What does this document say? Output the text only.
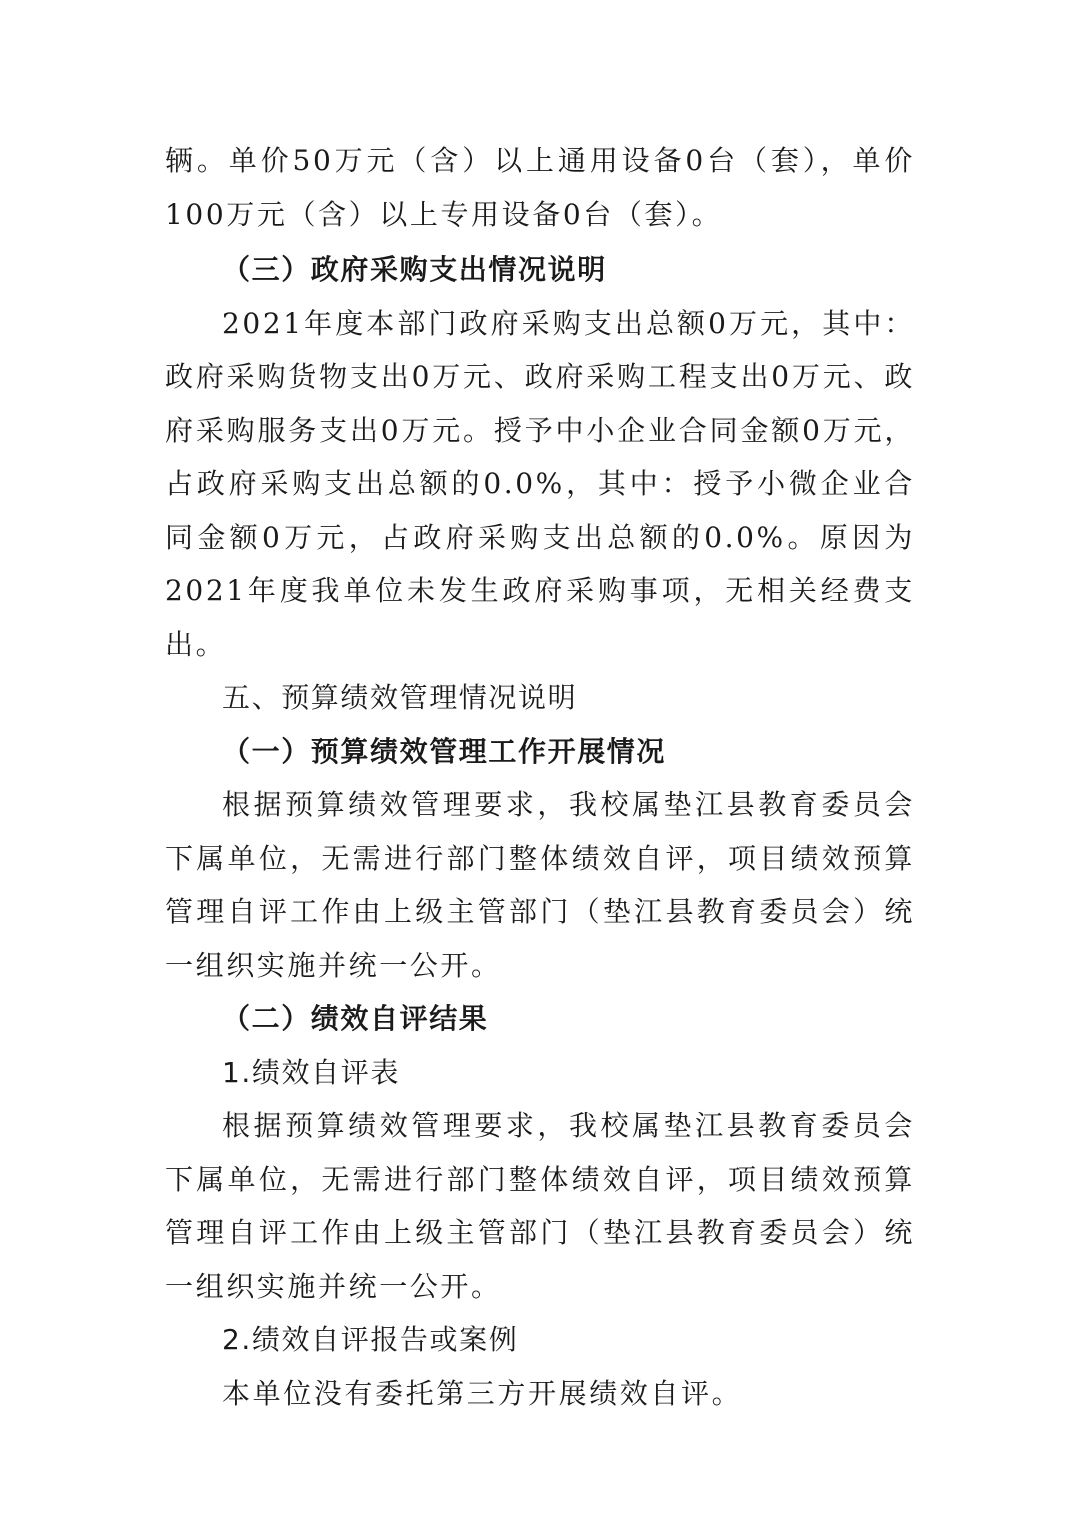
辆。单价50万元（含）以上通用设备0台（套），单价100万元（含）以上专用设备0台（套）。

（三）政府采购支出情况说明

2021年度本部门政府采购支出总额0万元，其中：政府采购货物支出0万元、政府采购工程支出0万元、政府采购服务支出0万元。授予中小企业合同金额0万元，占政府采购支出总额的0.0%，其中：授予小微企业合同金额0万元，占政府采购支出总额的0.0%。原因为2021年度我单位未发生政府采购事项，无相关经费支出。

五、预算绩效管理情况说明

（一）预算绩效管理工作开展情况

根据预算绩效管理要求，我校属垫江县教育委员会下属单位，无需进行部门整体绩效自评，项目绩效预算管理自评工作由上级主管部门（垫江县教育委员会）统一组织实施并统一公开。

（二）绩效自评结果

1.绩效自评表

根据预算绩效管理要求，我校属垫江县教育委员会下属单位，无需进行部门整体绩效自评，项目绩效预算管理自评工作由上级主管部门（垫江县教育委员会）统一组织实施并统一公开。

2.绩效自评报告或案例

本单位没有委托第三方开展绩效自评。
